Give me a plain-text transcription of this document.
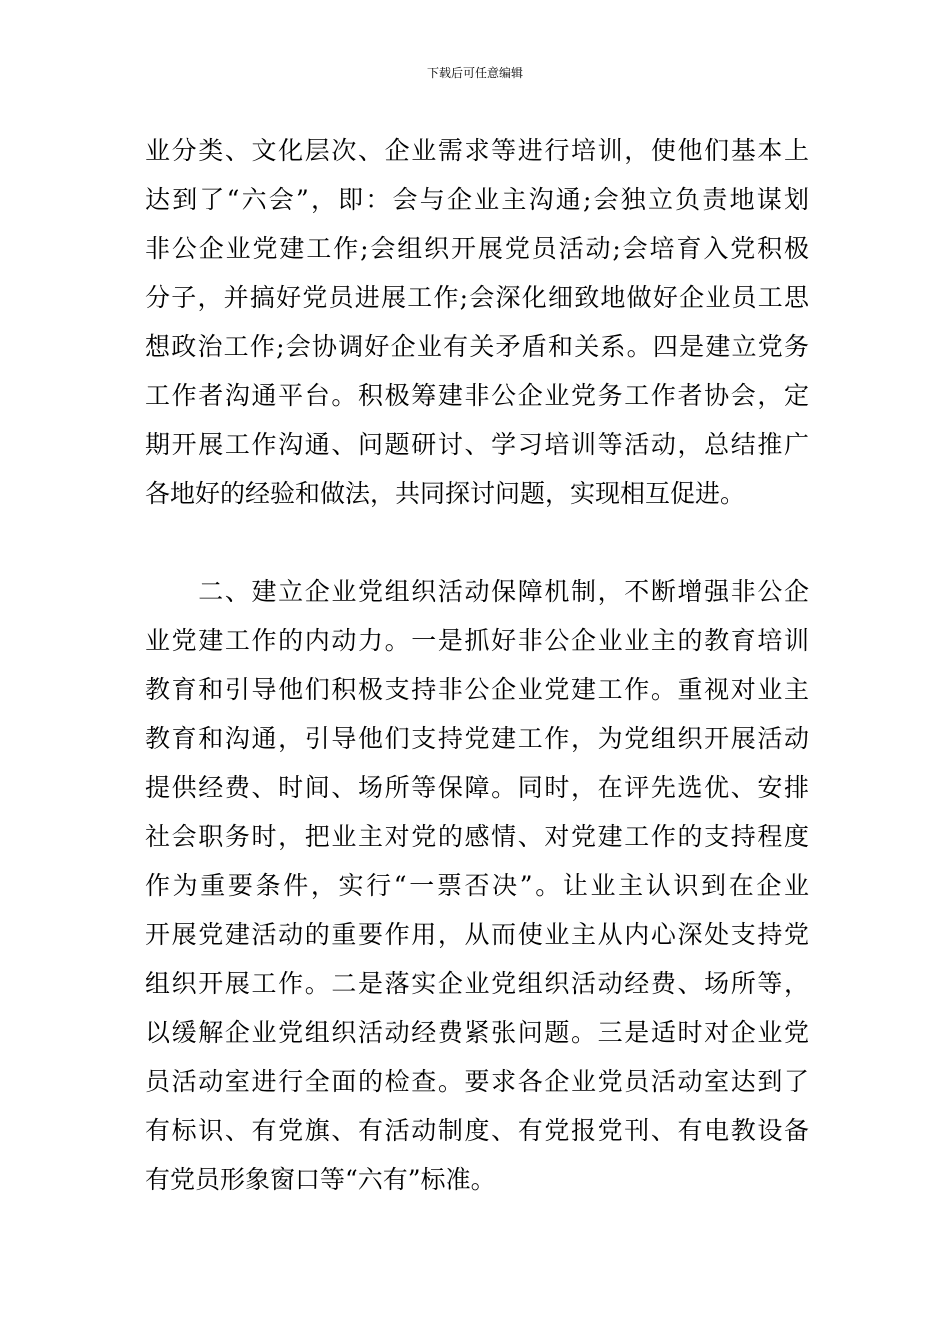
下载后可任意编辑
业分类、文化层次、企业需求等进行培训，使他们基本上
达到了“六会”，即：会与企业主沟通;会独立负责地谋划
非公企业党建工作;会组织开展党员活动;会培育入党积极
分子，并搞好党员进展工作;会深化细致地做好企业员工思
想政治工作;会协调好企业有关矛盾和关系。四是建立党务
工作者沟通平台。积极筹建非公企业党务工作者协会，定
期开展工作沟通、问题研讨、学习培训等活动，总结推广
各地好的经验和做法，共同探讨问题，实现相互促进。
　　二、建立企业党组织活动保障机制，不断增强非公企
业党建工作的内动力。一是抓好非公企业业主的教育培训
教育和引导他们积极支持非公企业党建工作。重视对业主
教育和沟通，引导他们支持党建工作，为党组织开展活动
提供经费、时间、场所等保障。同时，在评先选优、安排
社会职务时，把业主对党的感情、对党建工作的支持程度
作为重要条件，实行“一票否决”。让业主认识到在企业
开展党建活动的重要作用，从而使业主从内心深处支持党
组织开展工作。二是落实企业党组织活动经费、场所等，
以缓解企业党组织活动经费紧张问题。三是适时对企业党
员活动室进行全面的检查。要求各企业党员活动室达到了
有标识、有党旗、有活动制度、有党报党刊、有电教设备
有党员形象窗口等“六有”标准。
